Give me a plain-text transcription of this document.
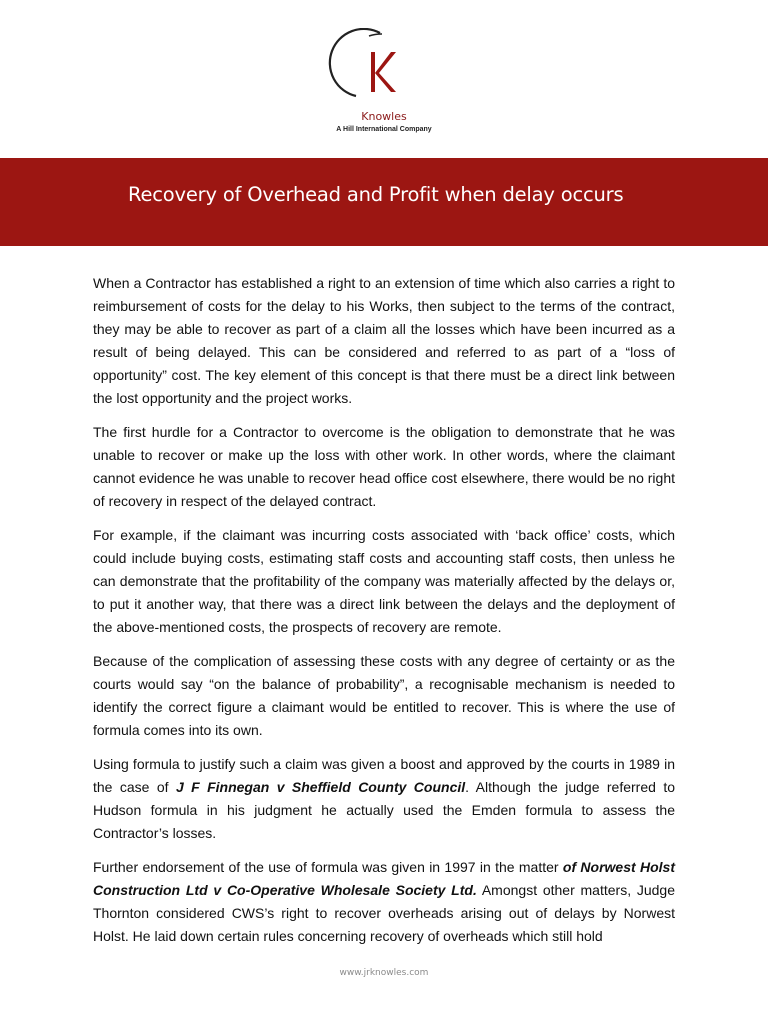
Knowles
A Hill International Company
Recovery of Overhead and Profit when delay occurs

When a Contractor has established a right to an extension of time which also carries a right to reimbursement of costs for the delay to his Works, then subject to the terms of the contract, they may be able to recover as part of a claim all the losses which have been incurred as a result of being delayed. This can be considered and referred to as part of a “loss of opportunity” cost. The key element of this concept is that there must be a direct link between the lost opportunity and the project works.

The first hurdle for a Contractor to overcome is the obligation to demonstrate that he was unable to recover or make up the loss with other work. In other words, where the claimant cannot evidence he was unable to recover head office cost elsewhere, there would be no right of recovery in respect of the delayed contract.

For example, if the claimant was incurring costs associated with ‘back office’ costs, which could include buying costs, estimating staff costs and accounting staff costs, then unless he can demonstrate that the profitability of the company was materially affected by the delays or, to put it another way, that there was a direct link between the delays and the deployment of the above-mentioned costs, the prospects of recovery are remote.

Because of the complication of assessing these costs with any degree of certainty or as the courts would say “on the balance of probability”, a recognisable mechanism is needed to identify the correct figure a claimant would be entitled to recover. This is where the use of formula comes into its own.

Using formula to justify such a claim was given a boost and approved by the courts in 1989 in the case of J F Finnegan v Sheffield County Council. Although the judge referred to Hudson formula in his judgment he actually used the Emden formula to assess the Contractor’s losses.

Further endorsement of the use of formula was given in 1997 in the matter of Norwest Holst Construction Ltd v Co-Operative Wholesale Society Ltd. Amongst other matters, Judge Thornton considered CWS’s right to recover overheads arising out of delays by Norwest Holst. He laid down certain rules concerning recovery of overheads which still hold

www.jrknowles.com
